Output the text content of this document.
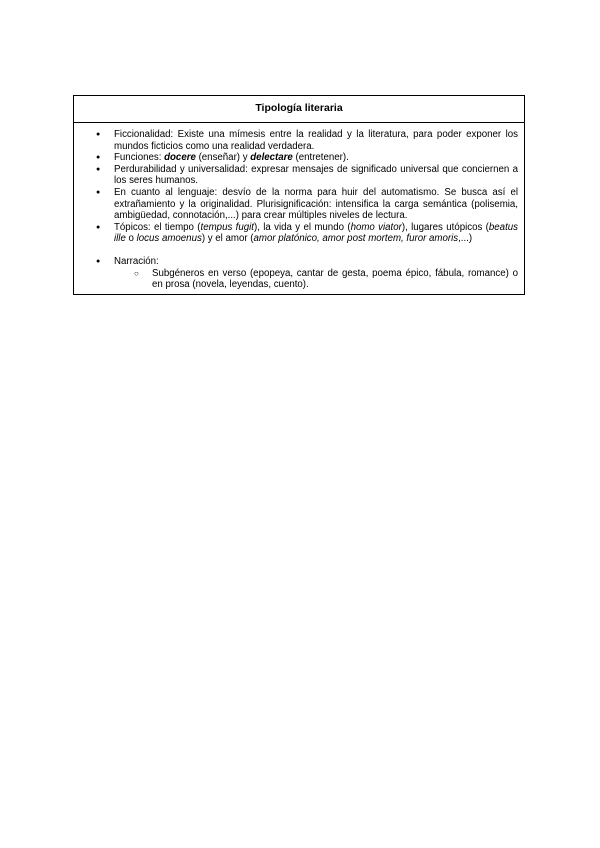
Tipología literaria
● Ficcionalidad: Existe una mímesis entre la realidad y la literatura, para poder exponer los mundos ficticios como una realidad verdadera.
● Funciones: docere (enseñar) y delectare (entretener).
● Perdurabilidad y universalidad: expresar mensajes de significado universal que conciernen a los seres humanos.
● En cuanto al lenguaje: desvío de la norma para huir del automatismo. Se busca así el extrañamiento y la originalidad. Plurisignificación: intensifica la carga semántica (polisemia, ambigüedad, connotación,...) para crear múltiples niveles de lectura.
● Tópicos: el tiempo (tempus fugit), la vida y el mundo (homo viator), lugares utópicos (beatus ille o locus amoenus) y el amor (amor platónico, amor post mortem, furor amoris,...)
● Narración:
○ Subgéneros en verso (epopeya, cantar de gesta, poema épico, fábula, romance) o en prosa (novela, leyendas, cuento).
